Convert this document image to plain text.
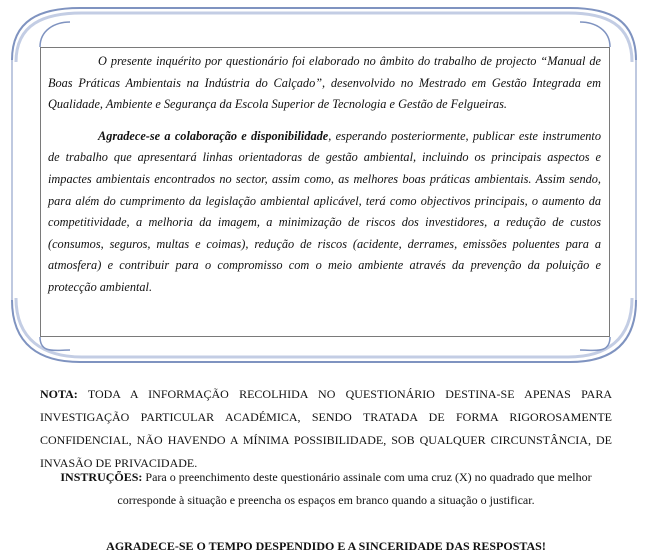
O presente inquérito por questionário foi elaborado no âmbito do trabalho de projecto “Manual de Boas Práticas Ambientais na Indústria do Calçado”, desenvolvido no Mestrado em Gestão Integrada em Qualidade, Ambiente e Segurança da Escola Superior de Tecnologia e Gestão de Felgueiras.

Agradece-se a colaboração e disponibilidade, esperando posteriormente, publicar este instrumento de trabalho que apresentará linhas orientadoras de gestão ambiental, incluindo os principais aspectos e impactes ambientais encontrados no sector, assim como, as melhores boas práticas ambientais. Assim sendo, para além do cumprimento da legislação ambiental aplicável, terá como objectivos principais, o aumento da competitividade, a melhoria da imagem, a minimização de riscos dos investidores, a redução de custos (consumos, seguros, multas e coimas), redução de riscos (acidente, derrames, emissões poluentes para a atmosfera) e contribuir para o compromisso com o meio ambiente através da prevenção da poluição e protecção ambiental.

NOTA: TODA A INFORMAÇÃO RECOLHIDA NO QUESTIONÁRIO DESTINA-SE APENAS PARA INVESTIGAÇÃO PARTICULAR ACADÉMICA, SENDO TRATADA DE FORMA RIGOROSAMENTE CONFIDENCIAL, NÃO HAVENDO A MÍNIMA POSSIBILIDADE, SOB QUALQUER CIRCUNSTÂNCIA, DE INVASÃO DE PRIVACIDADE.
INSTRUÇÕES: Para o preenchimento deste questionário assinale com uma cruz (X) no quadrado que melhor corresponde à situação e preencha os espaços em branco quando a situação o justificar.
AGRADECE-SE O TEMPO DESPENDIDO E A SINCERIDADE DAS RESPOSTAS!
